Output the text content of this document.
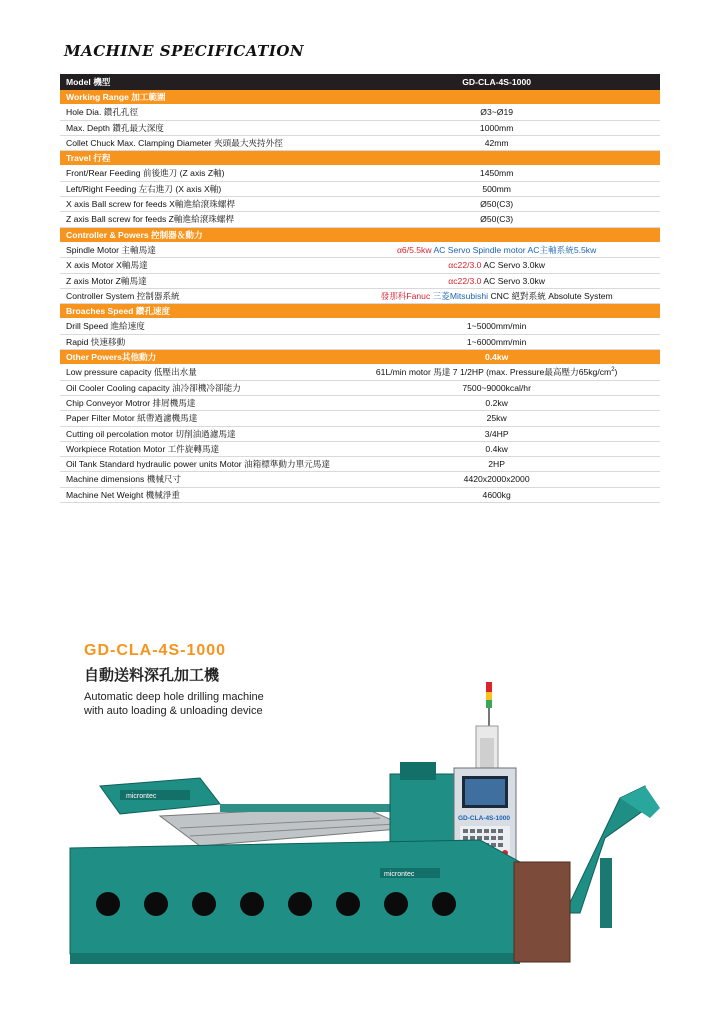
MACHINE SPECIFICATION
Model 機型	GD-CLA-4S-1000
Working Range 加工範圍
Hole Dia. 鑽孔孔徑	Ø3~Ø19
Max. Depth 鑽孔最大深度	1000mm
Collet Chuck Max. Clamping Diameter 夾頭最大夾持外徑	42mm
Travel 行程
Front/Rear Feeding 前後進刀 (Z axis Z軸)	1450mm
Left/Right Feeding 左右進刀 (X axis X軸)	500mm
X axis Ball screw for feeds X軸進給滾珠螺桿	Ø50(C3)
Z axis Ball screw for feeds Z軸進給滾珠螺桿	Ø50(C3)
Controller & Powers 控制器＆動力
Spindle Motor 主軸馬達	α6/5.5kw AC Servo Spindle motor AC主軸系統5.5kw
X axis Motor X軸馬達	αc22/3.0 AC Servo 3.0kw
Z axis Motor Z軸馬達	αc22/3.0 AC Servo 3.0kw
Controller System 控制器系統	發那科Fanuc 三菱Mitsubishi CNC 絕對系統 Absolute System
Broaches Speed 鑽孔速度
Drill Speed 進給速度	1~5000mm/min
Rapid 快速移動	1~6000mm/min
Other Powers其他動力	0.4kw
Low pressure capacity 低壓出水量	61L/min motor 馬達 7 1/2HP (max. Pressure最高壓力$65kg/cm^2$)
Oil Cooler Cooling capacity 油冷卻機冷卻能力	7500~9000kcal/hr
Chip Conveyor Motror 排屑機馬達	0.2kw
Paper Filter Motor 紙帶過濾機馬達	25kw
Cutting oil percolation motor 切削油過濾馬達	3/4HP
Workpiece Rotation Motor 工件旋轉馬達	0.4kw
Oil Tank Standard hydraulic power units Motor 油箱標準動力單元馬達	2HP
Machine dimensions 機械尺寸	4420x2000x2000
Machine Net Weight 機械淨重	4600kg
GD-CLA-4S-1000
自動送料深孔加工機
Automatic deep hole drilling machine
with auto loading & unloading device
microntec
GD-CLA-4S-1000
microntec
